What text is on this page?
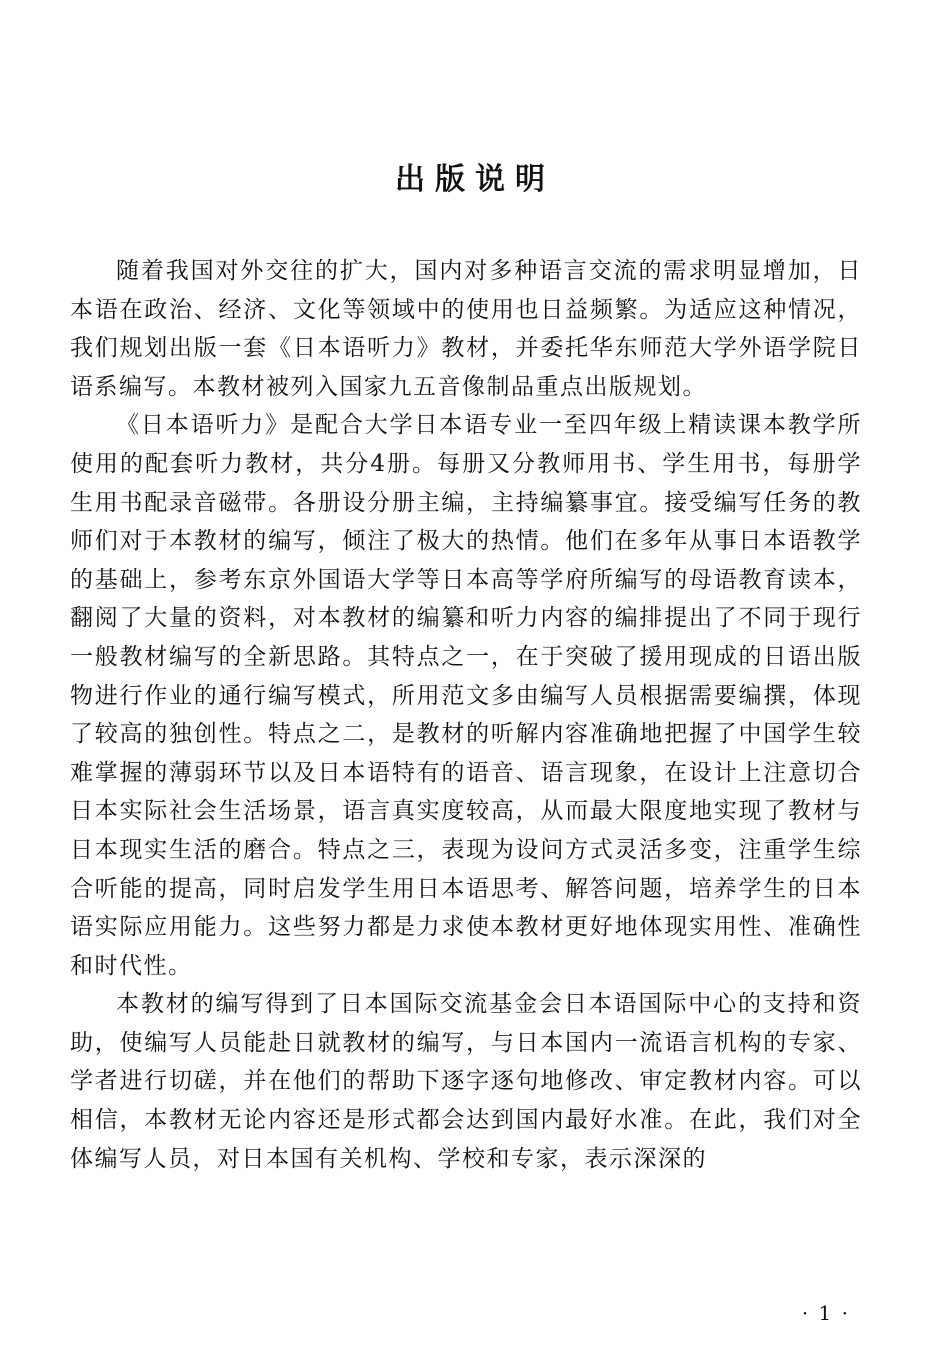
出版说明

随着我国对外交往的扩大，国内对多种语言交流的需求明显增加，日本语在政治、经济、文化等领域中的使用也日益频繁。为适应这种情况，我们规划出版一套《日本语听力》教材，并委托华东师范大学外语学院日语系编写。本教材被列入国家九五音像制品重点出版规划。

《日本语听力》是配合大学日本语专业一至四年级上精读课本教学所使用的配套听力教材，共分4册。每册又分教师用书、学生用书，每册学生用书配录音磁带。各册设分册主编，主持编纂事宜。接受编写任务的教师们对于本教材的编写，倾注了极大的热情。他们在多年从事日本语教学的基础上，参考东京外国语大学等日本高等学府所编写的母语教育读本，翻阅了大量的资料，对本教材的编纂和听力内容的编排提出了不同于现行一般教材编写的全新思路。其特点之一，在于突破了援用现成的日语出版物进行作业的通行编写模式，所用范文多由编写人员根据需要编撰，体现了较高的独创性。特点之二，是教材的听解内容准确地把握了中国学生较难掌握的薄弱环节以及日本语特有的语音、语言现象，在设计上注意切合日本实际社会生活场景，语言真实度较高，从而最大限度地实现了教材与日本现实生活的磨合。特点之三，表现为设问方式灵活多变，注重学生综合听能的提高，同时启发学生用日本语思考、解答问题，培养学生的日本语实际应用能力。这些努力都是力求使本教材更好地体现实用性、准确性和时代性。

本教材的编写得到了日本国际交流基金会日本语国际中心的支持和资助，使编写人员能赴日就教材的编写，与日本国内一流语言机构的专家、学者进行切磋，并在他们的帮助下逐字逐句地修改、审定教材内容。可以相信，本教材无论内容还是形式都会达到国内最好水准。在此，我们对全体编写人员，对日本国有关机构、学校和专家，表示深深的

· 1 ·
